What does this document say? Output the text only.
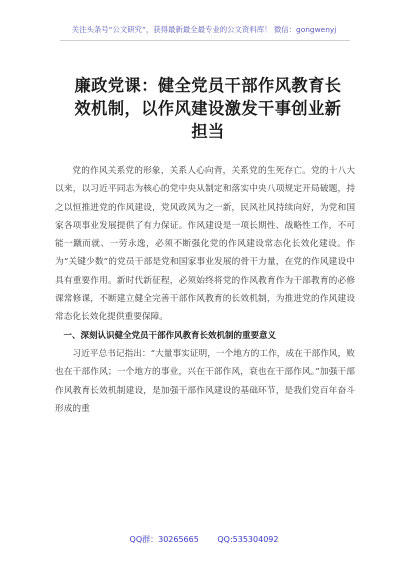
关注头条号“公文研究”，获得最新最全最专业的公文资料库！ 微信：gongwenyj
廉政党课：健全党员干部作风教育长效机制，以作风建设激发干事创业新担当

党的作风关系党的形象，关系人心向背，关系党的生死存亡。党的十八大以来，以习近平同志为核心的党中央从制定和落实中央八项规定开局破题，持之以恒推进党的作风建设，党风政风为之一新，民风社风持续向好，为党和国家各项事业发展提供了有力保证。作风建设是一项长期性、战略性工作，不可能一蹴而就、一劳永逸，必须不断强化党的作风建设常态化长效化建设。作为“关键少数”的党员干部是党和国家事业发展的骨干力量，在党的作风建设中具有重要作用。新时代新征程，必须始终将党的作风教育作为干部教育的必修课常修课，不断建立健全完善干部作风教育的长效机制，为推进党的作风建设常态化长效化提供重要保障。

一、深刻认识健全党员干部作风教育长效机制的重要意义

习近平总书记指出：“大量事实证明，一个地方的工作，成在干部作风，败也在干部作风；一个地方的事业，兴在干部作风，衰也在干部作风。”加强干部作风教育长效机制建设，是加强干部作风建设的基础环节，是我们党百年奋斗形成的重

QQ群：30265665 QQ:535304092
